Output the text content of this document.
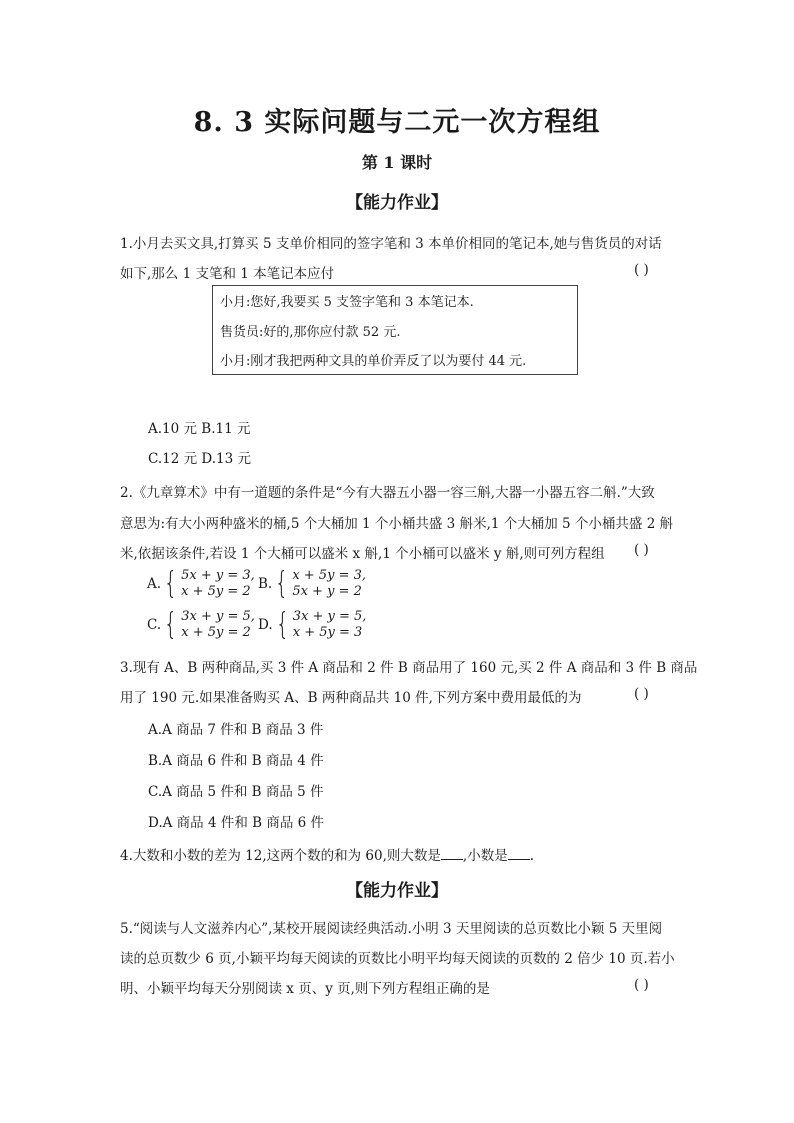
8. 3 实际问题与二元一次方程组
第 1 课时
【能力作业】
1.小月去买文具,打算买 5 支单价相同的签字笔和 3 本单价相同的笔记本,她与售货员的对话
如下,那么 1 支笔和 1 本笔记本应付	( )
小月:您好,我要买 5 支签字笔和 3 本笔记本.
售货员:好的,那你应付款 52 元.
小月:刚才我把两种文具的单价弄反了以为要付 44 元.
A.10 元 B.11 元
C.12 元 D.13 元
2.《九章算术》中有一道题的条件是“今有大器五小器一容三斛,大器一小器五容二斛.”大致
意思为:有大小两种盛米的桶,5 个大桶加 1 个小桶共盛 3 斛米,1 个大桶加 5 个小桶共盛 2 斛
米,依据该条件,若设 1 个大桶可以盛米 x 斛,1 个小桶可以盛米 y 斛,则可列方程组 ( )
A. { 5x + y = 3,
x + 5y = 2 B. { x + 5y = 3,
5x + y = 2
C. { 3x + y = 5,
x + 5y = 2 D. { 3x + y = 5,
x + 5y = 3
3.现有 A、B 两种商品,买 3 件 A 商品和 2 件 B 商品用了 160 元,买 2 件 A 商品和 3 件 B 商品
用了 190 元.如果准备购买 A、B 两种商品共 10 件,下列方案中费用最低的为	( )
A.A 商品 7 件和 B 商品 3 件
B.A 商品 6 件和 B 商品 4 件
C.A 商品 5 件和 B 商品 5 件
D.A 商品 4 件和 B 商品 6 件
4.大数和小数的差为 12,这两个数的和为 60,则大数是 ,小数是 .
【能力作业】
5.“阅读与人文滋养内心”,某校开展阅读经典活动.小明 3 天里阅读的总页数比小颖 5 天里阅
读的总页数少 6 页,小颖平均每天阅读的页数比小明平均每天阅读的页数的 2 倍少 10 页.若小
明、小颖平均每天分别阅读 x 页、y 页,则下列方程组正确的是	( )
